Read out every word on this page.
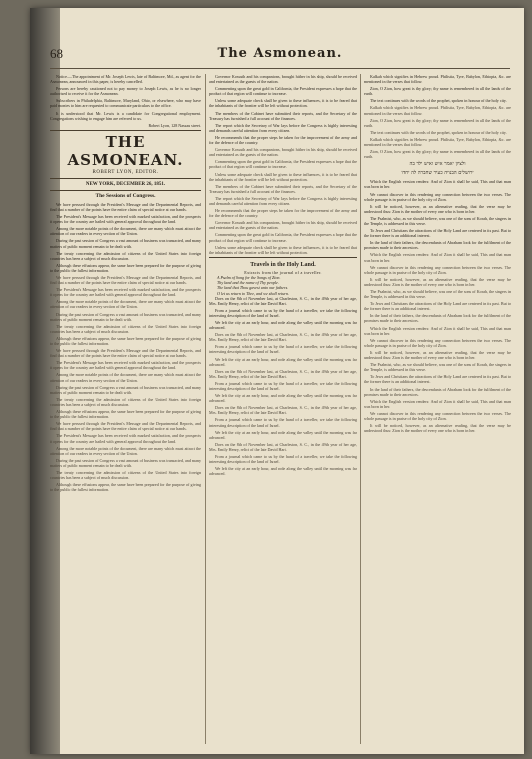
68	The Asmonean.

Notice.—The appointment of Mr. Joseph Lewis, late of Baltimore, Md., as agent for the Asmonean, announced in this paper, is hereby cancelled.

Persons are hereby cautioned not to pay money to Joseph Lewis, as he is no longer authorised to receive it for the Asmonean.

Subscribers in Philadelphia, Baltimore, Maryland, Ohio, or elsewhere, who may have paid monies to him are requested to communicate particulars to the office.

It is understood that Mr. Lewis is a candidate for Congregational employment. Congregations wishing to engage him are referred to us.

Robert Lyon, 128 Nassau street.

THE ASMONEAN.
ROBERT LYON, EDITOR.
NEW YORK, DECEMBER 26, 1851.
The Sessions of Congress.

We have perused through the President's Message and the Departmental Reports, and find that a number of the points have the entire claim of special notice at our hands.

The President's Message has been received with marked satisfaction, and the prospects it opens for the country are hailed with general approval throughout the land.

Among the more notable points of the document, there are many which must attract the attention of our readers in every section of the Union.

During the past session of Congress a vast amount of business was transacted, and many matters of public moment remain to be dealt with.

The treaty concerning the admission of citizens of the United States into foreign countries has been a subject of much discussion.

Although these effusions appear, the same have been prepared for the purpose of giving to the public the fullest information.

We have perused through the President's Message and the Departmental Reports, and find that a number of the points have the entire claim of special notice at our hands.

The President's Message has been received with marked satisfaction, and the prospects it opens for the country are hailed with general approval throughout the land.

Among the more notable points of the document, there are many which must attract the attention of our readers in every section of the Union.

During the past session of Congress a vast amount of business was transacted, and many matters of public moment remain to be dealt with.

The treaty concerning the admission of citizens of the United States into foreign countries has been a subject of much discussion.

Although these effusions appear, the same have been prepared for the purpose of giving to the public the fullest information.

We have perused through the President's Message and the Departmental Reports, and find that a number of the points have the entire claim of special notice at our hands.

The President's Message has been received with marked satisfaction, and the prospects it opens for the country are hailed with general approval throughout the land.

Among the more notable points of the document, there are many which must attract the attention of our readers in every section of the Union.

During the past session of Congress a vast amount of business was transacted, and many matters of public moment remain to be dealt with.

The treaty concerning the admission of citizens of the United States into foreign countries has been a subject of much discussion.

Although these effusions appear, the same have been prepared for the purpose of giving to the public the fullest information.

We have perused through the President's Message and the Departmental Reports, and find that a number of the points have the entire claim of special notice at our hands.

The President's Message has been received with marked satisfaction, and the prospects it opens for the country are hailed with general approval throughout the land.

Among the more notable points of the document, there are many which must attract the attention of our readers in every section of the Union.

During the past session of Congress a vast amount of business was transacted, and many matters of public moment remain to be dealt with.

The treaty concerning the admission of citizens of the United States into foreign countries has been a subject of much discussion.

Although these effusions appear, the same have been prepared for the purpose of giving to the public the fullest information.

Governor Kossuth and his companions, brought hither in his ship, should be received and entertained as the guests of the nation.

Commenting upon the great gold in California, the President expresses a hope that the product of that region will continue to increase.

Unless some adequate check shall be given to these influences, it is to be feared that the inhabitants of the frontier will be left without protection.

The members of the Cabinet have submitted their reports, and the Secretary of the Treasury has furnished a full account of the finances.

The report which the Secretary of War lays before the Congress is highly interesting and demands careful attention from every citizen.

He recommends that the proper steps be taken for the improvement of the army and for the defence of the country.

Governor Kossuth and his companions, brought hither in his ship, should be received and entertained as the guests of the nation.

Commenting upon the great gold in California, the President expresses a hope that the product of that region will continue to increase.

Unless some adequate check shall be given to these influences, it is to be feared that the inhabitants of the frontier will be left without protection.

The members of the Cabinet have submitted their reports, and the Secretary of the Treasury has furnished a full account of the finances.

The report which the Secretary of War lays before the Congress is highly interesting and demands careful attention from every citizen.

He recommends that the proper steps be taken for the improvement of the army and for the defence of the country.

Governor Kossuth and his companions, brought hither in his ship, should be received and entertained as the guests of the nation.

Commenting upon the great gold in California, the President expresses a hope that the product of that region will continue to increase.

Unless some adequate check shall be given to these influences, it is to be feared that the inhabitants of the frontier will be left without protection.

Travels in the Holy Land.
Extracts from the journal of a traveller.

A Psalm of Song for the Songs of Zion.

Thy land and the name of Thy people.

The land that Thou gavest unto our fathers.

O let us return to Thee, and we shall return.

Does on the 8th of November last, at Charleston, S. C., in the 49th year of her age, Mrs. Emily Henry, relict of the late David Hart.

From a journal which came to us by the hand of a traveller, we take the following interesting description of the land of Israel.

We left the city at an early hour, and rode along the valley until the morning was far advanced.

Does on the 8th of November last, at Charleston, S. C., in the 49th year of her age, Mrs. Emily Henry, relict of the late David Hart.

From a journal which came to us by the hand of a traveller, we take the following interesting description of the land of Israel.

We left the city at an early hour, and rode along the valley until the morning was far advanced.

Does on the 8th of November last, at Charleston, S. C., in the 49th year of her age, Mrs. Emily Henry, relict of the late David Hart.

From a journal which came to us by the hand of a traveller, we take the following interesting description of the land of Israel.

We left the city at an early hour, and rode along the valley until the morning was far advanced.

Does on the 8th of November last, at Charleston, S. C., in the 49th year of her age, Mrs. Emily Henry, relict of the late David Hart.

From a journal which came to us by the hand of a traveller, we take the following interesting description of the land of Israel.

We left the city at an early hour, and rode along the valley until the morning was far advanced.

Does on the 8th of November last, at Charleston, S. C., in the 49th year of her age, Mrs. Emily Henry, relict of the late David Hart.

From a journal which came to us by the hand of a traveller, we take the following interesting description of the land of Israel.

We left the city at an early hour, and rode along the valley until the morning was far advanced.

Kalkah which signifies in Hebrew proud. Philistia, Tyre, Babylon, Ethiopia, &c. are mentioned in the verses that follow.

Zion, O Zion, how great is thy glory; thy name is remembered in all the lands of the earth.

The text continues with the words of the prophet, spoken in honour of the holy city.

Kalkah which signifies in Hebrew proud. Philistia, Tyre, Babylon, Ethiopia, &c. are mentioned in the verses that follow.

Zion, O Zion, how great is thy glory; thy name is remembered in all the lands of the earth.

The text continues with the words of the prophet, spoken in honour of the holy city.

Kalkah which signifies in Hebrew proud. Philistia, Tyre, Babylon, Ethiopia, &c. are mentioned in the verses that follow.

Zion, O Zion, how great is thy glory; thy name is remembered in all the lands of the earth.

ולציון יאמר איש ואיש ילד בה
ירושלים הבנויה כעיר שחברה לה יחדו

Which the English version renders: And of Zion it shall be said, This and that man was born in her.

We cannot discover in this rendering any connection between the two verses. The whole passage is in praise of the holy city of Zion.

It will be noticed, however, as an alternative reading, that the verse may be understood thus: Zion is the mother of every one who is born in her.

The Psalmist, who, as we should believe, was one of the sons of Korah, the singers in the Temple, is addressed in this verse.

To Jews and Christians the attractions of the Holy Land are centered in its past. But to the former there is an additional interest.

In the land of their fathers, the descendants of Abraham look for the fulfilment of the promises made to their ancestors.

Which the English version renders: And of Zion it shall be said, This and that man was born in her.

We cannot discover in this rendering any connection between the two verses. The whole passage is in praise of the holy city of Zion.

It will be noticed, however, as an alternative reading, that the verse may be understood thus: Zion is the mother of every one who is born in her.

The Psalmist, who, as we should believe, was one of the sons of Korah, the singers in the Temple, is addressed in this verse.

To Jews and Christians the attractions of the Holy Land are centered in its past. But to the former there is an additional interest.

In the land of their fathers, the descendants of Abraham look for the fulfilment of the promises made to their ancestors.

Which the English version renders: And of Zion it shall be said, This and that man was born in her.

We cannot discover in this rendering any connection between the two verses. The whole passage is in praise of the holy city of Zion.

It will be noticed, however, as an alternative reading, that the verse may be understood thus: Zion is the mother of every one who is born in her.

The Psalmist, who, as we should believe, was one of the sons of Korah, the singers in the Temple, is addressed in this verse.

To Jews and Christians the attractions of the Holy Land are centered in its past. But to the former there is an additional interest.

In the land of their fathers, the descendants of Abraham look for the fulfilment of the promises made to their ancestors.

Which the English version renders: And of Zion it shall be said, This and that man was born in her.

We cannot discover in this rendering any connection between the two verses. The whole passage is in praise of the holy city of Zion.

It will be noticed, however, as an alternative reading, that the verse may be understood thus: Zion is the mother of every one who is born in her.
